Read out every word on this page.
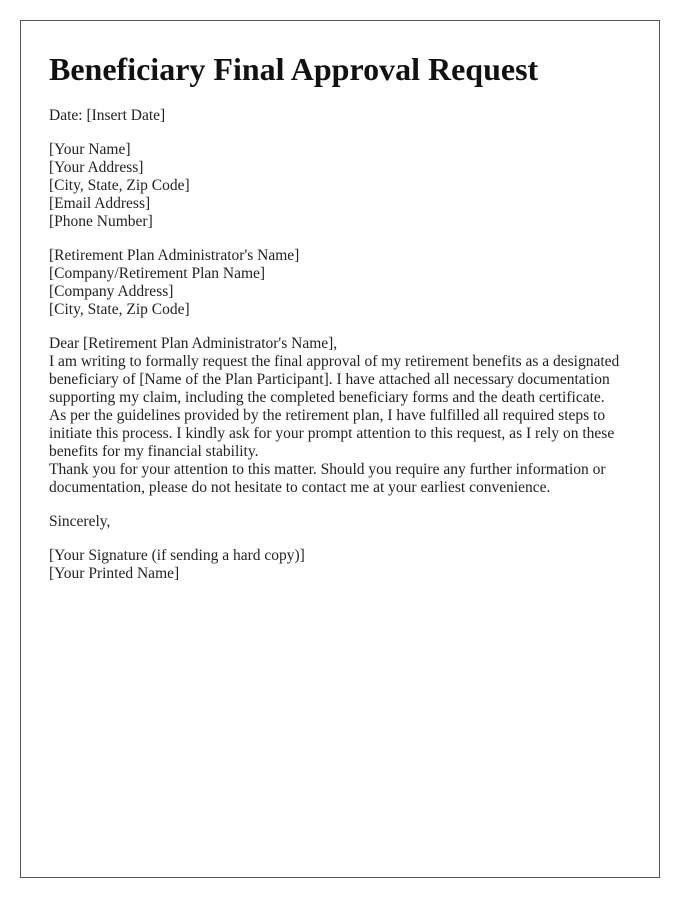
Beneficiary Final Approval Request
Date: [Insert Date]
[Your Name]
[Your Address]
[City, State, Zip Code]
[Email Address]
[Phone Number]
[Retirement Plan Administrator's Name]
[Company/Retirement Plan Name]
[Company Address]
[City, State, Zip Code]
Dear [Retirement Plan Administrator's Name],

I am writing to formally request the final approval of my retirement benefits as a designated beneficiary of [Name of the Plan Participant]. I have attached all necessary documentation supporting my claim, including the completed beneficiary forms and the death certificate.

As per the guidelines provided by the retirement plan, I have fulfilled all required steps to initiate this process. I kindly ask for your prompt attention to this request, as I rely on these benefits for my financial stability.

Thank you for your attention to this matter. Should you require any further information or documentation, please do not hesitate to contact me at your earliest convenience.

Sincerely,
[Your Signature (if sending a hard copy)]
[Your Printed Name]
